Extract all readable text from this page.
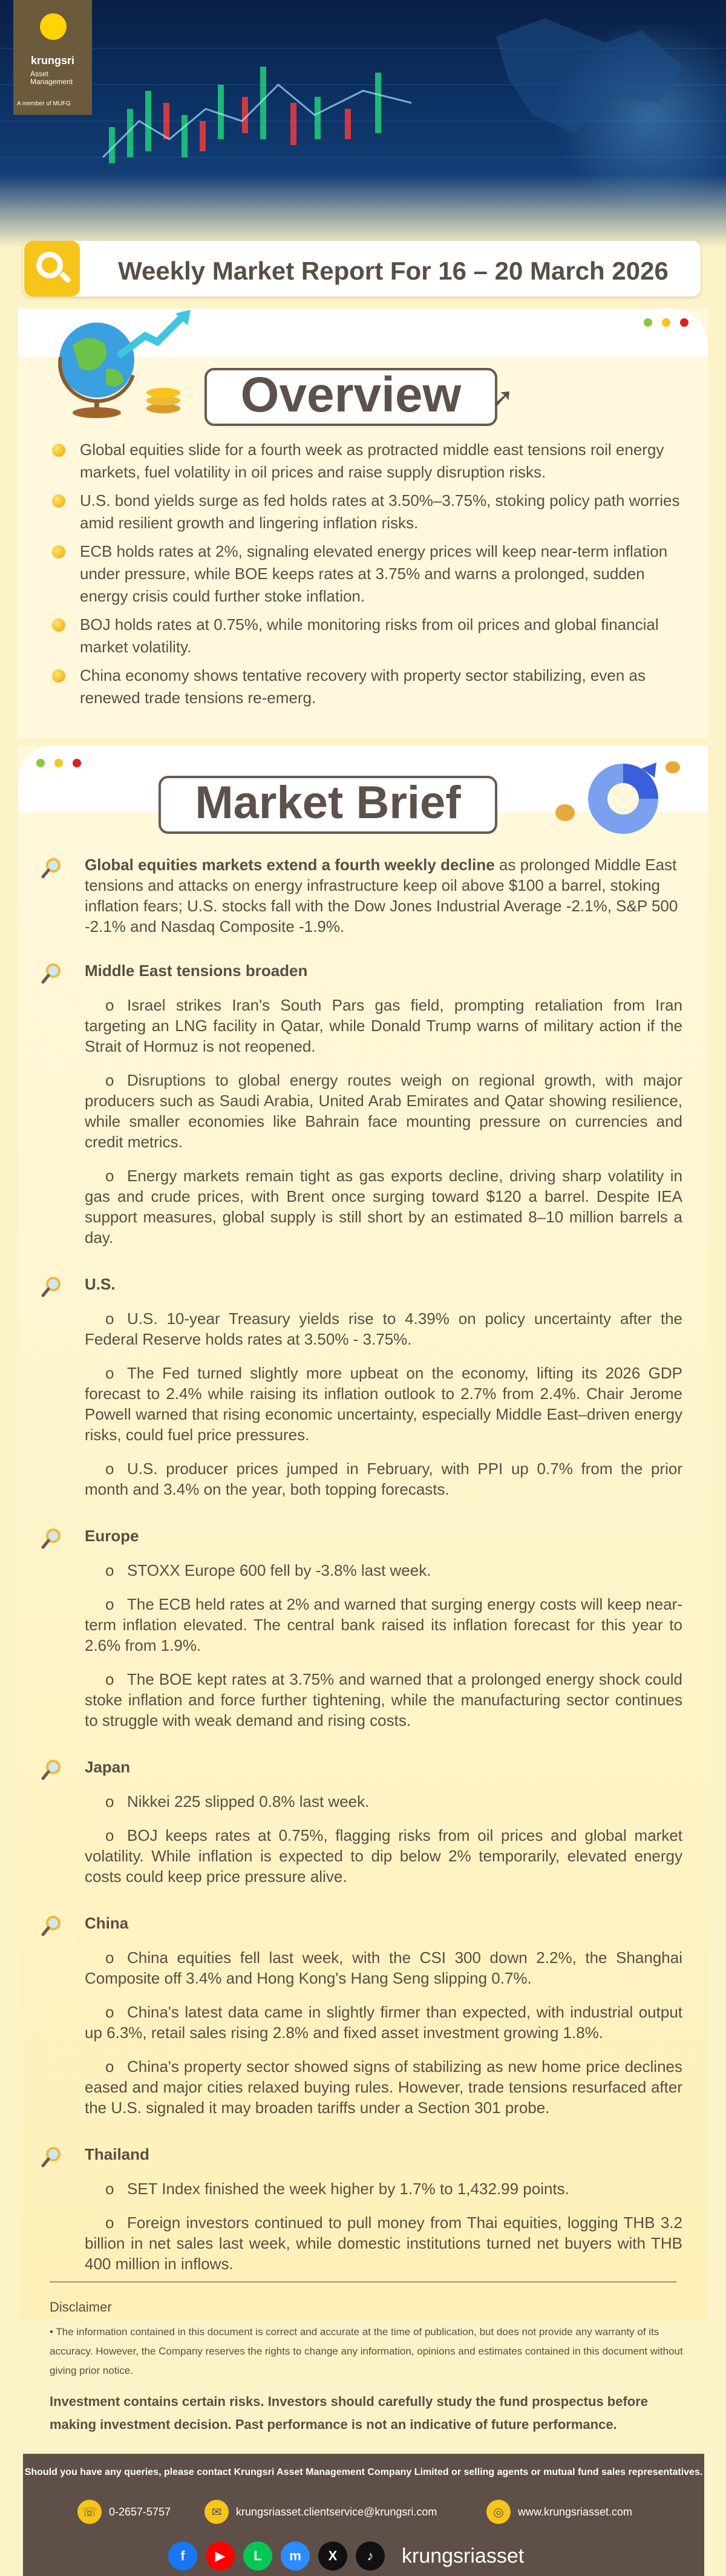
krungsri
Asset
Management
A member of MUFG
Weekly Market Report For 16 – 20 March 2026
Overview	➚
Global equities slide for a fourth week as protracted middle east tensions roil energy markets, fuel volatility in oil prices and raise supply disruption risks.
U.S. bond yields surge as fed holds rates at 3.50%–3.75%, stoking policy path worries amid resilient growth and lingering inflation risks.
ECB holds rates at 2%, signaling elevated energy prices will keep near-term inflation under pressure, while BOE keeps rates at 3.75% and warns a prolonged, sudden energy crisis could further stoke inflation.
BOJ holds rates at 0.75%, while monitoring risks from oil prices and global financial market volatility.
China economy shows tentative recovery with property sector stabilizing, even as renewed trade tensions re-emerg.
Market Brief
Global equities markets extend a fourth weekly decline as prolonged Middle East tensions and attacks on energy infrastructure keep oil above $100 a barrel, stoking inflation fears; U.S. stocks fall with the Dow Jones Industrial Average -2.1%, S&P 500 -2.1% and Nasdaq Composite -1.9%.
Middle East tensions broaden
o Israel strikes Iran's South Pars gas field, prompting retaliation from Iran targeting an LNG facility in Qatar, while Donald Trump warns of military action if the Strait of Hormuz is not reopened.
o Disruptions to global energy routes weigh on regional growth, with major producers such as Saudi Arabia, United Arab Emirates and Qatar showing resilience, while smaller economies like Bahrain face mounting pressure on currencies and credit metrics.
o Energy markets remain tight as gas exports decline, driving sharp volatility in gas and crude prices, with Brent once surging toward $120 a barrel. Despite IEA support measures, global supply is still short by an estimated 8–10 million barrels a day.
U.S.
o U.S. 10-year Treasury yields rise to 4.39% on policy uncertainty after the Federal Reserve holds rates at 3.50% - 3.75%.
o The Fed turned slightly more upbeat on the economy, lifting its 2026 GDP forecast to 2.4% while raising its inflation outlook to 2.7% from 2.4%. Chair Jerome Powell warned that rising economic uncertainty, especially Middle East–driven energy risks, could fuel price pressures.
o U.S. producer prices jumped in February, with PPI up 0.7% from the prior month and 3.4% on the year, both topping forecasts.
Europe
o STOXX Europe 600 fell by -3.8% last week.
o The ECB held rates at 2% and warned that surging energy costs will keep near-term inflation elevated. The central bank raised its inflation forecast for this year to 2.6% from 1.9%.
o The BOE kept rates at 3.75% and warned that a prolonged energy shock could stoke inflation and force further tightening, while the manufacturing sector continues to struggle with weak demand and rising costs.
Japan
o Nikkei 225 slipped 0.8% last week.
o BOJ keeps rates at 0.75%, flagging risks from oil prices and global market volatility. While inflation is expected to dip below 2% temporarily, elevated energy costs could keep price pressure alive.
China
o China equities fell last week, with the CSI 300 down 2.2%, the Shanghai Composite off 3.4% and Hong Kong's Hang Seng slipping 0.7%.
o China's latest data came in slightly firmer than expected, with industrial output up 6.3%, retail sales rising 2.8% and fixed asset investment growing 1.8%.
o China's property sector showed signs of stabilizing as new home price declines eased and major cities relaxed buying rules. However, trade tensions resurfaced after the U.S. signaled it may broaden tariffs under a Section 301 probe.
Thailand
o SET Index finished the week higher by 1.7% to 1,432.99 points.
o Foreign investors continued to pull money from Thai equities, logging THB 3.2 billion in net sales last week, while domestic institutions turned net buyers with THB 400 million in inflows.
Disclaimer
• The information contained in this document is correct and accurate at the time of publication, but does not provide any warranty of its accuracy. However, the Company reserves the rights to change any information, opinions and estimates contained in this document without giving prior notice.
Investment contains certain risks. Investors should carefully study the fund prospectus before making investment decision. Past performance is not an indicative of future performance.
Should you have any queries, please contact Krungsri Asset Management Company Limited or selling agents or mutual fund sales representatives.
☏	0-2657-5757	✉	krungsriasset.clientservice@krungsri.com	◎	www.krungsriasset.com
f	▶	L	m	X	♪	krungsriasset
